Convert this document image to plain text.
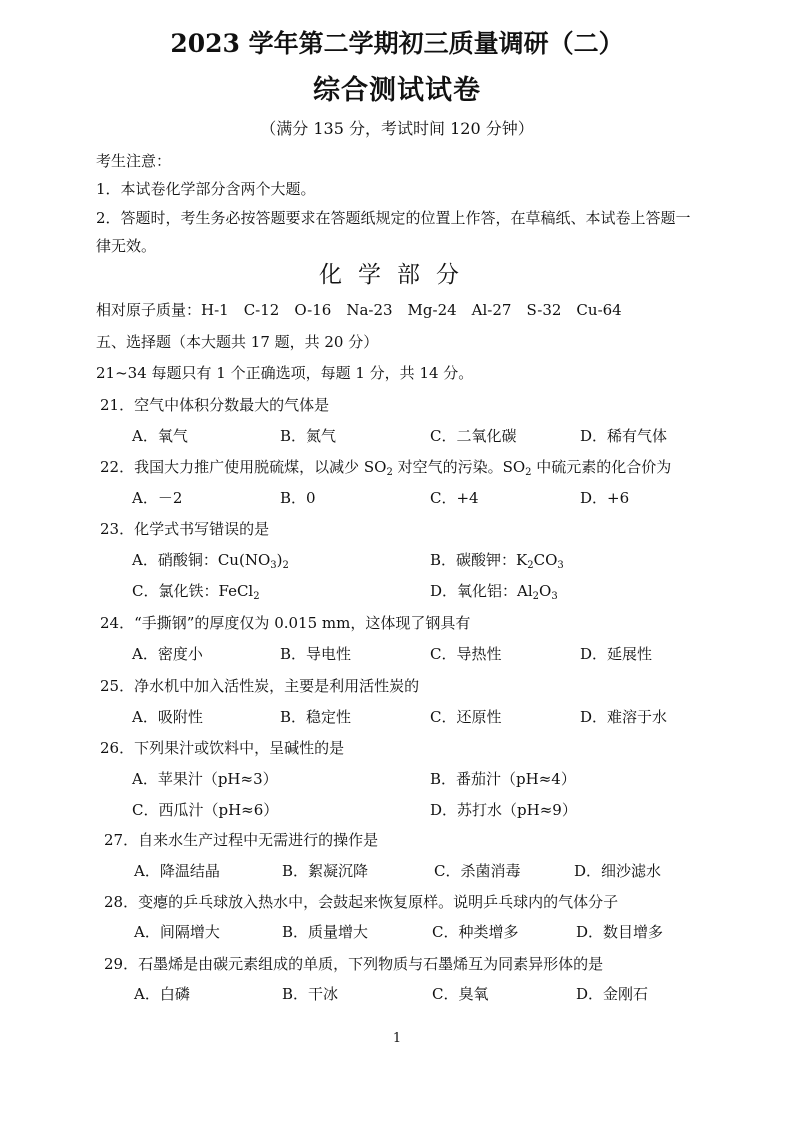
2023 学年第二学期初三质量调研（二）
综合测试试卷
（满分 135 分，考试时间 120 分钟）
考生注意：
1．本试卷化学部分含两个大题。
2．答题时，考生务必按答题要求在答题纸规定的位置上作答，在草稿纸、本试卷上答题一
律无效。
化学部分
相对原子质量：H-1　C-12　O-16　Na-23　Mg-24　Al-27　S-32　Cu-64
五、选择题（本大题共 17 题，共 20 分）
21~34 每题只有 1 个正确选项，每题 1 分，共 14 分。
21．空气中体积分数最大的气体是
A．氧气	B．氮气	C．二氧化碳	D．稀有气体
22．我国大力推广使用脱硫煤，以减少 $SO_2$ 对空气的污染。$SO_2$ 中硫元素的化合价为
A．－2	B．0	C．+4	D．+6
23．化学式书写错误的是
A．硝酸铜：$Cu(NO_3)_2$	B．碳酸钾：$K_2CO_3$
C．氯化铁：FeCl$_2$	D．氧化铝：$Al_2O_3$
24．“手撕钢”的厚度仅为 0.015 mm，这体现了钢具有
A．密度小	B．导电性	C．导热性	D．延展性
25．净水机中加入活性炭，主要是利用活性炭的
A．吸附性	B．稳定性	C．还原性	D．难溶于水
26．下列果汁或饮料中，呈碱性的是
A．苹果汁（pH≈3）	B．番茄汁（pH≈4）
C．西瓜汁（pH≈6）	D．苏打水（pH≈9）
27．自来水生产过程中无需进行的操作是
A．降温结晶	B．絮凝沉降	C．杀菌消毒	D．细沙滤水
28．变瘪的乒乓球放入热水中，会鼓起来恢复原样。说明乒乓球内的气体分子
A．间隔增大	B．质量增大	C．种类增多	D．数目增多
29．石墨烯是由碳元素组成的单质，下列物质与石墨烯互为同素异形体的是
A．白磷	B．干冰	C．臭氧	D．金刚石
1
